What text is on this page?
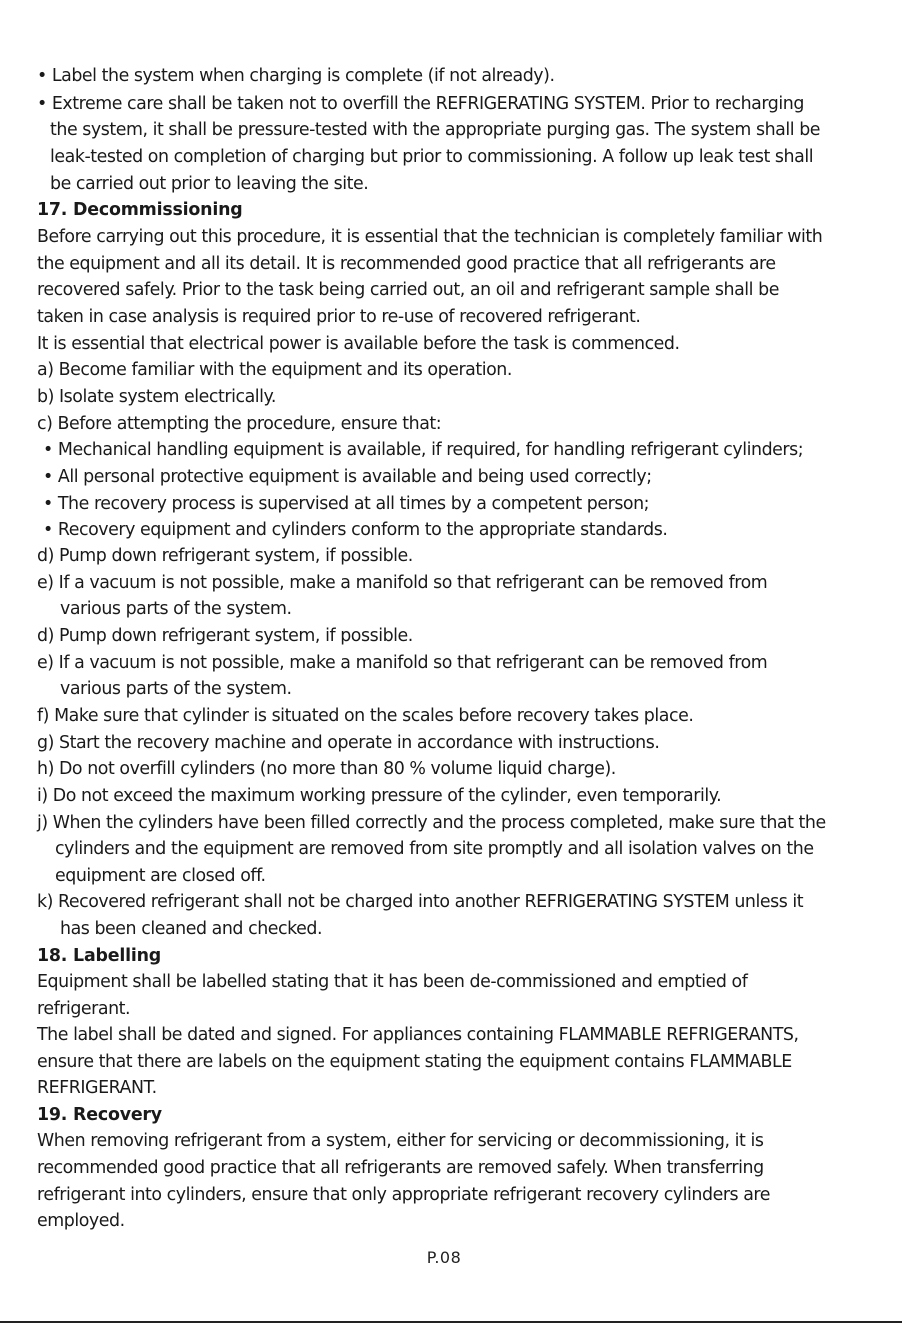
• Label the system when charging is complete (if not already).
• Extreme care shall be taken not to overfill the REFRIGERATING SYSTEM. Prior to recharging
the system, it shall be pressure-tested with the appropriate purging gas. The system shall be
leak-tested on completion of charging but prior to commissioning. A follow up leak test shall
be carried out prior to leaving the site.
17. Decommissioning
Before carrying out this procedure, it is essential that the technician is completely familiar with
the equipment and all its detail. It is recommended good practice that all refrigerants are
recovered safely. Prior to the task being carried out, an oil and refrigerant sample shall be
taken in case analysis is required prior to re-use of recovered refrigerant.
It is essential that electrical power is available before the task is commenced.
a) Become familiar with the equipment and its operation.
b) Isolate system electrically.
c) Before attempting the procedure, ensure that:
• Mechanical handling equipment is available, if required, for handling refrigerant cylinders;
• All personal protective equipment is available and being used correctly;
• The recovery process is supervised at all times by a competent person;
• Recovery equipment and cylinders conform to the appropriate standards.
d) Pump down refrigerant system, if possible.
e) If a vacuum is not possible, make a manifold so that refrigerant can be removed from
various parts of the system.
d) Pump down refrigerant system, if possible.
e) If a vacuum is not possible, make a manifold so that refrigerant can be removed from
various parts of the system.
f) Make sure that cylinder is situated on the scales before recovery takes place.
g) Start the recovery machine and operate in accordance with instructions.
h) Do not overfill cylinders (no more than 80 % volume liquid charge).
i) Do not exceed the maximum working pressure of the cylinder, even temporarily.
j) When the cylinders have been filled correctly and the process completed, make sure that the
cylinders and the equipment are removed from site promptly and all isolation valves on the
equipment are closed off.
k) Recovered refrigerant shall not be charged into another REFRIGERATING SYSTEM unless it
has been cleaned and checked.
18. Labelling
Equipment shall be labelled stating that it has been de-commissioned and emptied of
refrigerant.
The label shall be dated and signed. For appliances containing FLAMMABLE REFRIGERANTS,
ensure that there are labels on the equipment stating the equipment contains FLAMMABLE
REFRIGERANT.
19. Recovery
When removing refrigerant from a system, either for servicing or decommissioning, it is
recommended good practice that all refrigerants are removed safely. When transferring
refrigerant into cylinders, ensure that only appropriate refrigerant recovery cylinders are
employed.
P.08
